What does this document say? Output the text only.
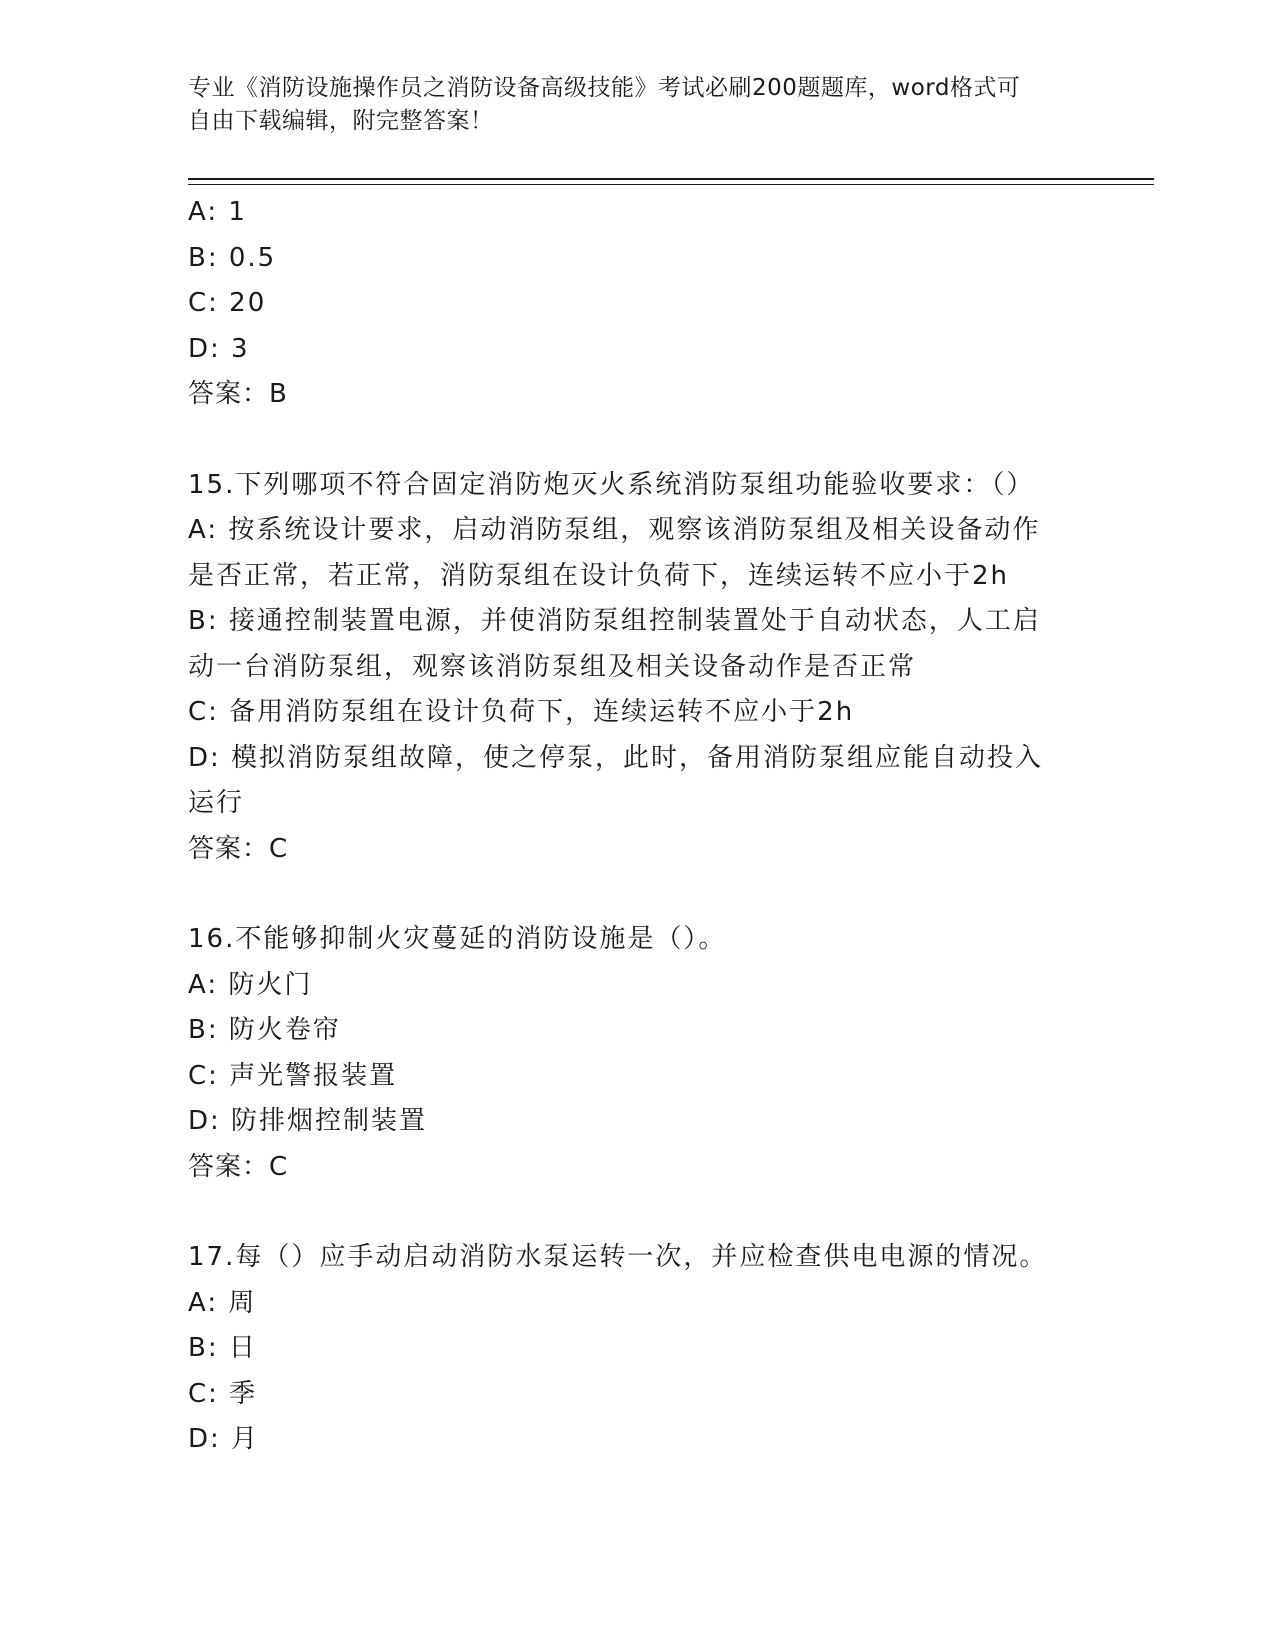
专业《消防设施操作员之消防设备高级技能》考试必刷200题题库，word格式可
自由下载编辑，附完整答案！
A: 1
B: 0.5
C: 20
D: 3
答案：B
15.下列哪项不符合固定消防炮灭火系统消防泵组功能验收要求：（）
A: 按系统设计要求，启动消防泵组，观察该消防泵组及相关设备动作
是否正常，若正常，消防泵组在设计负荷下，连续运转不应小于2h
B: 接通控制装置电源，并使消防泵组控制装置处于自动状态，人工启
动一台消防泵组，观察该消防泵组及相关设备动作是否正常
C: 备用消防泵组在设计负荷下，连续运转不应小于2h
D: 模拟消防泵组故障，使之停泵，此时，备用消防泵组应能自动投入
运行
答案：C
16.不能够抑制火灾蔓延的消防设施是（）。
A: 防火门
B: 防火卷帘
C: 声光警报装置
D: 防排烟控制装置
答案：C
17.每（）应手动启动消防水泵运转一次，并应检查供电电源的情况。
A: 周
B: 日
C: 季
D: 月
